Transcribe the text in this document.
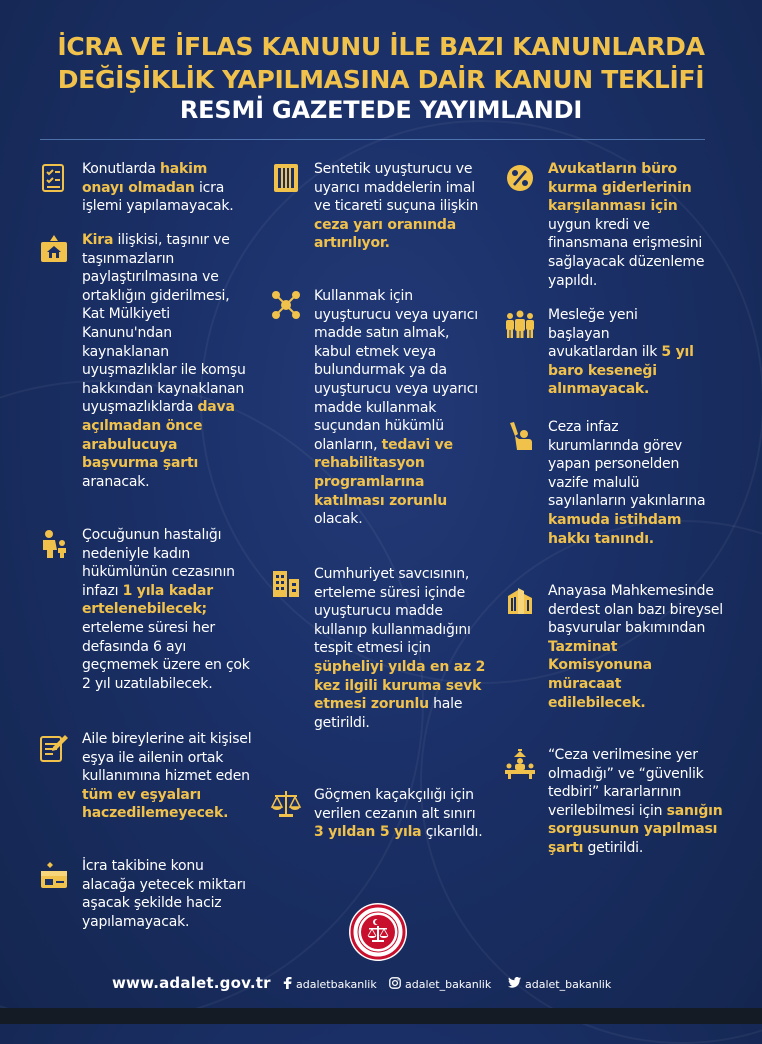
İCRA VE İFLAS KANUNU İLE BAZI KANUNLARDA
DEĞİŞİKLİK YAPILMASINA DAİR KANUN TEKLİFİ
RESMİ GAZETEDE YAYIMLANDI
Konutlarda hakim onayı olmadan icra işlemi yapılamayacak.
Kira ilişkisi, taşınır ve taşınmazların paylaştırılmasına ve ortaklığın giderilmesi, Kat Mülkiyeti Kanunu'ndan kaynaklanan uyuşmazlıklar ile komşu hakkından kaynaklanan uyuşmazlıklarda dava açılmadan önce arabulucuya başvurma şartı aranacak.
Çocuğunun hastalığı nedeniyle kadın hükümlünün cezasının infazı 1 yıla kadar ertelenebilecek; erteleme süresi her defasında 6 ayı geçmemek üzere en çok 2 yıl uzatılabilecek.
Aile bireylerine ait kişisel eşya ile ailenin ortak kullanımına hizmet eden tüm ev eşyaları haczedilemeyecek.
İcra takibine konu alacağa yetecek miktarı aşacak şekilde haciz yapılamayacak.
Sentetik uyuşturucu ve uyarıcı maddelerin imal ve ticareti suçuna ilişkin ceza yarı oranında artırılıyor.
Kullanmak için uyuşturucu veya uyarıcı madde satın almak, kabul etmek veya bulundurmak ya da uyuşturucu veya uyarıcı madde kullanmak suçundan hükümlü olanların, tedavi ve rehabilitasyon programlarına katılması zorunlu olacak.
Cumhuriyet savcısının, erteleme süresi içinde uyuşturucu madde kullanıp kullanmadığını tespit etmesi için şüpheliyi yılda en az 2 kez ilgili kuruma sevk etmesi zorunlu hale getirildi.
Göçmen kaçakçılığı için verilen cezanın alt sınırı 3 yıldan 5 yıla çıkarıldı.
Avukatların büro kurma giderlerinin karşılanması için uygun kredi ve finansmana erişmesini sağlayacak düzenleme yapıldı.
Mesleğe yeni başlayan avukatlardan ilk 5 yıl baro keseneği alınmayacak.
Ceza infaz kurumlarında görev yapan personelden vazife malulü sayılanların yakınlarına kamuda istihdam hakkı tanındı.
Anayasa Mahkemesinde derdest olan bazı bireysel başvurular bakımından Tazminat Komisyonuna müracaat edilebilecek.
“Ceza verilmesine yer olmadığı” ve “güvenlik tedbiri” kararlarının verilebilmesi için sanığın sorgusunun yapılması şartı getirildi.
www.adalet.gov.tr adaletbakanlik	adalet_bakanlik	adalet_bakanlik
